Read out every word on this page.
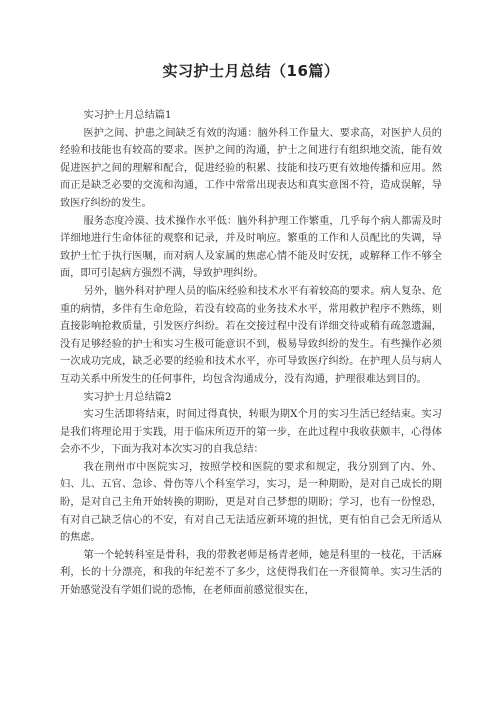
实习护士月总结（16篇）

实习护士月总结篇1

医护之间、护患之间缺乏有效的沟通：脑外科工作量大、要求高，对医护人员的经验和技能也有较高的要求。医护之间的沟通，护士之间进行有组织地交流，能有效促进医护之间的理解和配合，促进经验的积累、技能和技巧更有效地传播和应用。然而正是缺乏必要的交流和沟通，工作中常常出现表达和真实意图不符，造成误解，导致医疗纠纷的发生。

服务态度冷漠、技术操作水平低：脑外科护理工作繁重，几乎每个病人都需及时详细地进行生命体征的观察和记录，并及时响应。繁重的工作和人员配比的失调，导致护士忙于执行医嘱，而对病人及家属的焦虑心情不能及时安抚，或解释工作不够全面，即可引起病方强烈不满，导致护理纠纷。

另外，脑外科对护理人员的临床经验和技术水平有着较高的要求。病人复杂、危重的病情，多伴有生命危险，若没有较高的业务技术水平，常用救护程序不熟练，则直接影响抢救质量，引发医疗纠纷。若在交接过程中没有详细交待或稍有疏忽遗漏，没有足够经验的护士和实习生极可能意识不到，极易导致纠纷的发生。有些操作必须一次成功完成，缺乏必要的经验和技术水平，亦可导致医疗纠纷。在护理人员与病人互动关系中所发生的任何事件，均包含沟通成分，没有沟通，护理很难达到目的。

实习护士月总结篇2

实习生活即将结束，时间过得真快，转眼为期X个月的实习生活已经结束。实习是我们将理论用于实践，用于临床所迈开的第一步，在此过程中我收获颇丰，心得体会亦不少，下面为我对本次实习的自我总结：

我在荆州市中医院实习，按照学校和医院的要求和规定，我分别到了内、外、妇、儿、五官、急诊、骨伤等八个科室学习，实习，是一种期盼，是对自己成长的期盼，是对自己主角开始转换的期盼，更是对自己梦想的期盼；学习，也有一份惶恐，有对自己缺乏信心的不安，有对自己无法适应新环境的担忧，更有怕自己会无所适从的焦虑。

第一个轮转科室是骨科，我的带教老师是杨青老师，她是科里的一枝花，干活麻利，长的十分漂亮，和我的年纪差不了多少，这使得我们在一齐很简单。实习生活的开始感觉没有学姐们说的恐怖，在老师面前感觉很实在，
